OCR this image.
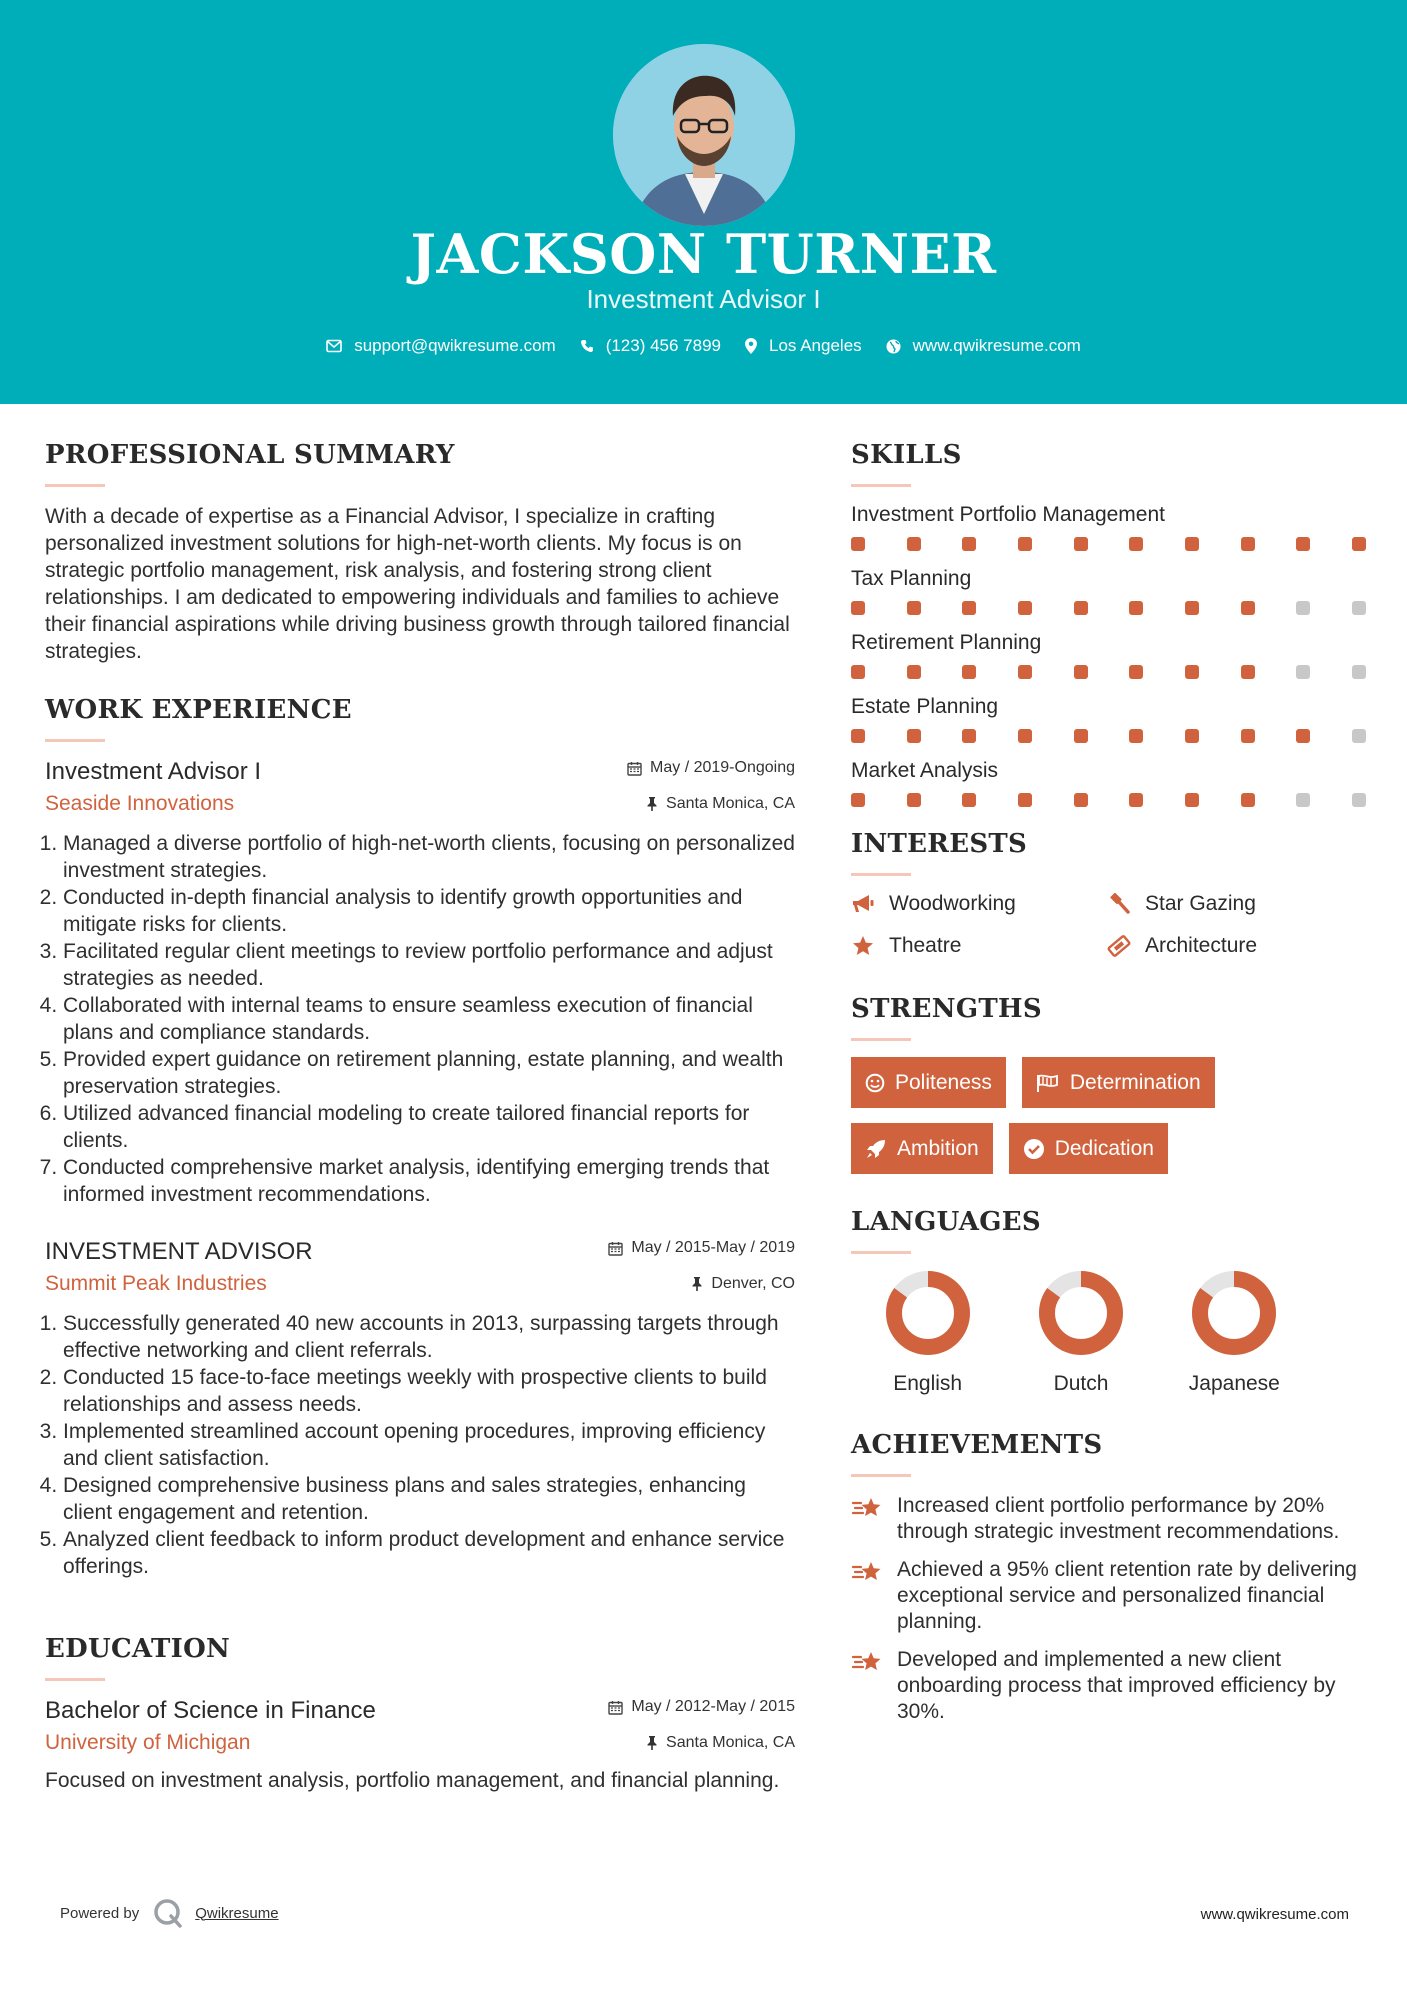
JACKSON TURNER
Investment Advisor I
support@qwikresume.com	(123) 456 7899	Los Angeles	www.qwikresume.com
PROFESSIONAL SUMMARY

With a decade of expertise as a Financial Advisor, I specialize in crafting personalized investment solutions for high-net-worth clients. My focus is on strategic portfolio management, risk analysis, and fostering strong client relationships. I am dedicated to empowering individuals and families to achieve their financial aspirations while driving business growth through tailored financial strategies.

WORK EXPERIENCE
Investment Advisor I	May / 2019-Ongoing
Seaside Innovations	Santa Monica, CA
1. Managed a diverse portfolio of high-net-worth clients, focusing on personalized investment strategies.
2. Conducted in-depth financial analysis to identify growth opportunities and mitigate risks for clients.
3. Facilitated regular client meetings to review portfolio performance and adjust strategies as needed.
4. Collaborated with internal teams to ensure seamless execution of financial plans and compliance standards.
5. Provided expert guidance on retirement planning, estate planning, and wealth preservation strategies.
6. Utilized advanced financial modeling to create tailored financial reports for clients.
7. Conducted comprehensive market analysis, identifying emerging trends that informed investment recommendations.
INVESTMENT ADVISOR	May / 2015-May / 2019
Summit Peak Industries	Denver, CO
1. Successfully generated 40 new accounts in 2013, surpassing targets through effective networking and client referrals.
2. Conducted 15 face-to-face meetings weekly with prospective clients to build relationships and assess needs.
3. Implemented streamlined account opening procedures, improving efficiency and client satisfaction.
4. Designed comprehensive business plans and sales strategies, enhancing client engagement and retention.
5. Analyzed client feedback to inform product development and enhance service offerings.
EDUCATION
Bachelor of Science in Finance	May / 2012-May / 2015
University of Michigan	Santa Monica, CA

Focused on investment analysis, portfolio management, and financial planning.

SKILLS
Investment Portfolio Management
Tax Planning
Retirement Planning
Estate Planning
Market Analysis
INTERESTS
Woodworking	Star Gazing
Theatre	Architecture
STRENGTHS
Politeness	Determination
Ambition	Dedication
LANGUAGES
English	Dutch	Japanese
ACHIEVEMENTS
Increased client portfolio performance by 20% through strategic investment recommendations.
Achieved a 95% client retention rate by delivering exceptional service and personalized financial planning.
Developed and implemented a new client onboarding process that improved efficiency by 30%.
Powered by	Qwikresume	www.qwikresume.com
